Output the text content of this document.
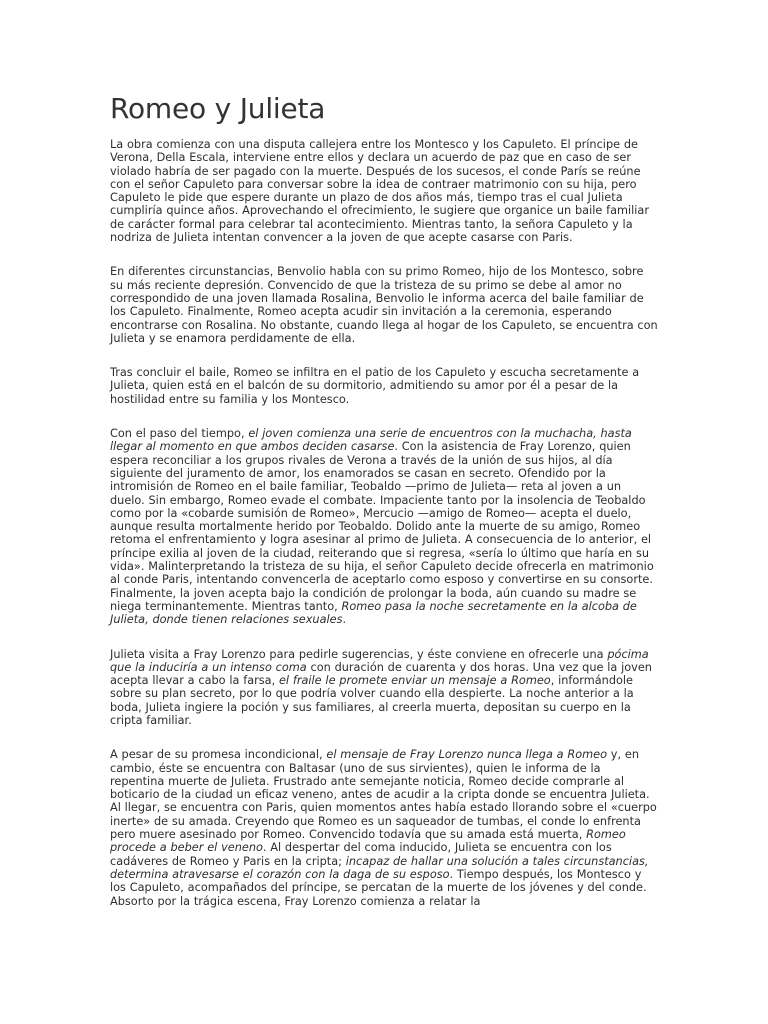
Romeo y Julieta

La obra comienza con una disputa callejera entre los Montesco y los Capuleto. El príncipe de Verona, Della Escala, interviene entre ellos y declara un acuerdo de paz que en caso de ser violado habría de ser pagado con la muerte. Después de los sucesos, el conde París se reúne con el señor Capuleto para conversar sobre la idea de contraer matrimonio con su hija, pero Capuleto le pide que espere durante un plazo de dos años más, tiempo tras el cual Julieta cumpliría quince años. Aprovechando el ofrecimiento, le sugiere que organice un baile familiar de carácter formal para celebrar tal acontecimiento. Mientras tanto, la señora Capuleto y la nodriza de Julieta intentan convencer a la joven de que acepte casarse con Paris.

En diferentes circunstancias, Benvolio habla con su primo Romeo, hijo de los Montesco, sobre su más reciente depresión. Convencido de que la tristeza de su primo se debe al amor no correspondido de una joven llamada Rosalina, Benvolio le informa acerca del baile familiar de los Capuleto. Finalmente, Romeo acepta acudir sin invitación a la ceremonia, esperando encontrarse con Rosalina. No obstante, cuando llega al hogar de los Capuleto, se encuentra con Julieta y se enamora perdidamente de ella.

Tras concluir el baile, Romeo se infiltra en el patio de los Capuleto y escucha secretamente a Julieta, quien está en el balcón de su dormitorio, admitiendo su amor por él a pesar de la hostilidad entre su familia y los Montesco.

Con el paso del tiempo, el joven comienza una serie de encuentros con la muchacha, hasta llegar al momento en que ambos deciden casarse. Con la asistencia de Fray Lorenzo, quien espera reconciliar a los grupos rivales de Verona a través de la unión de sus hijos, al día siguiente del juramento de amor, los enamorados se casan en secreto. Ofendido por la intromisión de Romeo en el baile familiar, Teobaldo —primo de Julieta— reta al joven a un duelo. Sin embargo, Romeo evade el combate. Impaciente tanto por la insolencia de Teobaldo como por la «cobarde sumisión de Romeo», Mercucio —amigo de Romeo— acepta el duelo, aunque resulta mortalmente herido por Teobaldo. Dolido ante la muerte de su amigo, Romeo retoma el enfrentamiento y logra asesinar al primo de Julieta. A consecuencia de lo anterior, el príncipe exilia al joven de la ciudad, reiterando que si regresa, «sería lo último que haría en su vida». Malinterpretando la tristeza de su hija, el señor Capuleto decide ofrecerla en matrimonio al conde Paris, intentando convencerla de aceptarlo como esposo y convertirse en su consorte. Finalmente, la joven acepta bajo la condición de prolongar la boda, aún cuando su madre se niega terminantemente. Mientras tanto, Romeo pasa la noche secretamente en la alcoba de Julieta, donde tienen relaciones sexuales.

Julieta visita a Fray Lorenzo para pedirle sugerencias, y éste conviene en ofrecerle una pócima que la induciría a un intenso coma con duración de cuarenta y dos horas. Una vez que la joven acepta llevar a cabo la farsa, el fraile le promete enviar un mensaje a Romeo, informándole sobre su plan secreto, por lo que podría volver cuando ella despierte. La noche anterior a la boda, Julieta ingiere la poción y sus familiares, al creerla muerta, depositan su cuerpo en la cripta familiar.

A pesar de su promesa incondicional, el mensaje de Fray Lorenzo nunca llega a Romeo y, en cambio, éste se encuentra con Baltasar (uno de sus sirvientes), quien le informa de la repentina muerte de Julieta. Frustrado ante semejante noticia, Romeo decide comprarle al boticario de la ciudad un eficaz veneno, antes de acudir a la cripta donde se encuentra Julieta. Al llegar, se encuentra con Paris, quien momentos antes había estado llorando sobre el «cuerpo inerte» de su amada. Creyendo que Romeo es un saqueador de tumbas, el conde lo enfrenta pero muere asesinado por Romeo. Convencido todavía que su amada está muerta, Romeo procede a beber el veneno. Al despertar del coma inducido, Julieta se encuentra con los cadáveres de Romeo y Paris en la cripta; incapaz de hallar una solución a tales circunstancias, determina atravesarse el corazón con la daga de su esposo. Tiempo después, los Montesco y los Capuleto, acompañados del príncipe, se percatan de la muerte de los jóvenes y del conde. Absorto por la trágica escena, Fray Lorenzo comienza a relatar la
